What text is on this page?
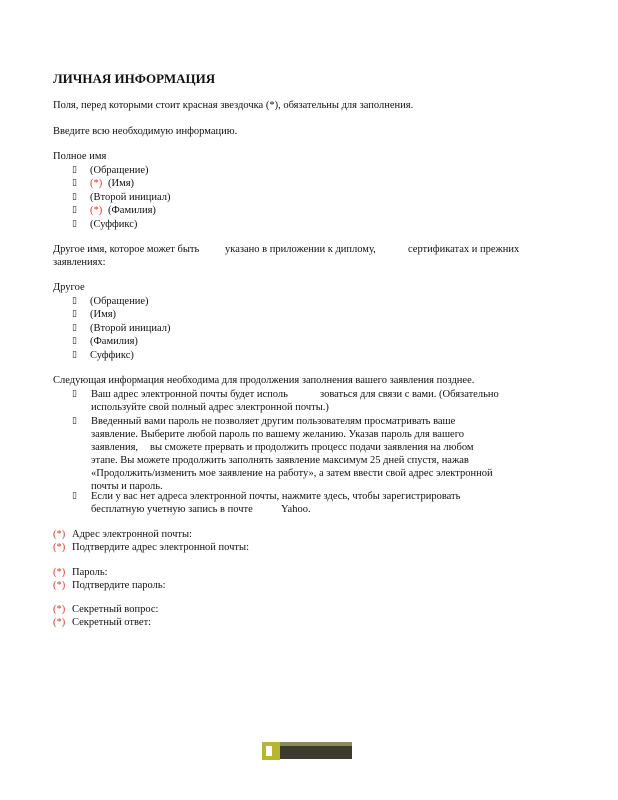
ЛИЧНАЯ ИНФОРМАЦИЯ
Поля, перед которыми стоит красная звездочка (*), обязательны для заполнения.
Введите всю необходимую информацию.
Полное имя
▯ (Обращение)
▯ (*) (Имя)
▯ (Второй инициал)
▯ (*) (Фамилия)
▯ (Суффикс)
Другое имя, которое может быть указано в приложении к диплому,	сертификатах и прежних
заявлениях:
Другое
▯ (Обращение)
▯ (Имя)
▯ (Второй инициал)
▯ (Фамилия)
▯ Суффикс)
Следующая информация необходима для продолжения заполнения вашего заявления позднее.
▯ Ваш адрес электронной почты будет исполь	зоваться для связи с вами. (Обязательно
используйте свой полный адрес электронной почты.)
▯ Введенный вами пароль не позволяет другим пользователям просматривать ваше
заявление. Выберите любой пароль по вашему желанию. Указав пароль для вашего
заявления, вы сможете прервать и продолжить процесс подачи заявления на любом
этапе. Вы можете продолжить заполнять заявление максимум 25 дней спустя, нажав
«Продолжить/изменить мое заявление на работу», а затем ввести свой адрес электронной
почты и пароль.
▯ Если у вас нет адреса электронной почты, нажмите здесь, чтобы зарегистрировать
бесплатную учетную запись в почте	Yahoo.
(*) Адрес электронной почты:
(*) Подтвердите адрес электронной почты:
(*) Пароль:
(*) Подтвердите пароль:
(*) Секретный вопрос:
(*) Секретный ответ:
